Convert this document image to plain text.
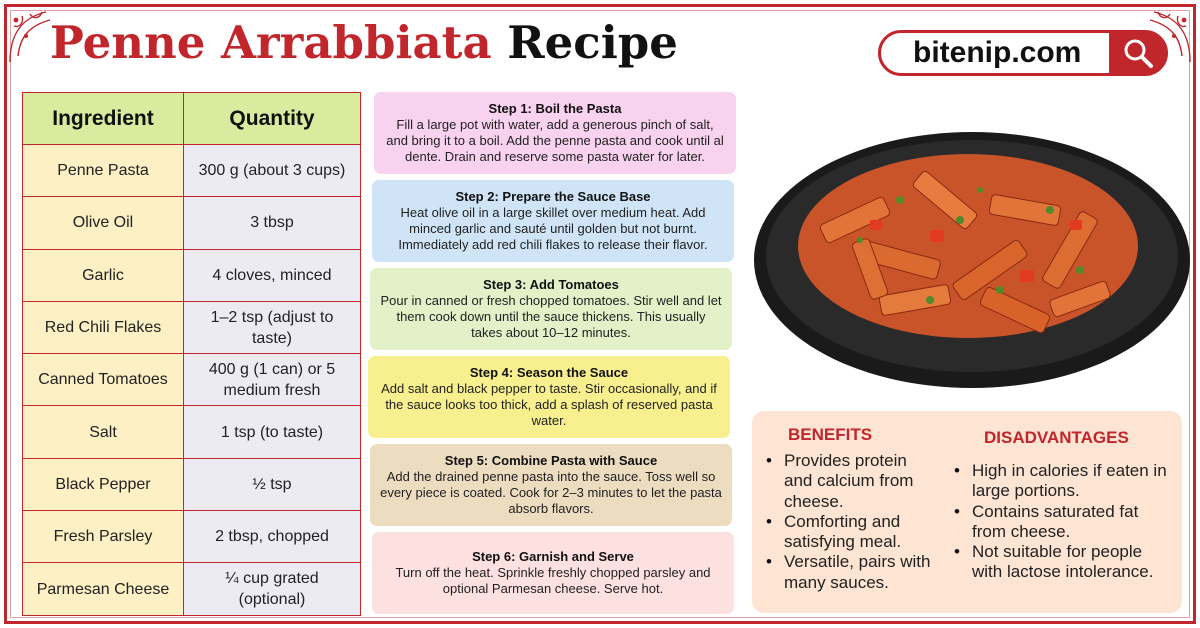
Penne Arrabbiata Recipe	bitenip.com
Ingredient	Quantity
Penne Pasta	300 g (about 3 cups)
Olive Oil	3 tbsp
Garlic	4 cloves, minced
Red Chili Flakes	1–2 tsp (adjust to taste)
Canned Tomatoes	400 g (1 can) or 5 medium fresh
Salt	1 tsp (to taste)
Black Pepper	½ tsp
Fresh Parsley	2 tbsp, chopped
Parmesan Cheese	¼ cup grated (optional)
Step 1: Boil the Pasta
Fill a large pot with water, add a generous pinch of salt, and bring it to a boil. Add the penne pasta and cook until al dente. Drain and reserve some pasta water for later.
Step 2: Prepare the Sauce Base
Heat olive oil in a large skillet over medium heat. Add minced garlic and sauté until golden but not burnt. Immediately add red chili flakes to release their flavor.
Step 3: Add Tomatoes
Pour in canned or fresh chopped tomatoes. Stir well and let them cook down until the sauce thickens. This usually takes about 10–12 minutes.
Step 4: Season the Sauce
Add salt and black pepper to taste. Stir occasionally, and if the sauce looks too thick, add a splash of reserved pasta water.
Step 5: Combine Pasta with Sauce
Add the drained penne pasta into the sauce. Toss well so every piece is coated. Cook for 2–3 minutes to let the pasta absorb flavors.
Step 6: Garnish and Serve
Turn off the heat. Sprinkle freshly chopped parsley and optional Parmesan cheese. Serve hot.
BENEFITS
• Provides protein and calcium from cheese.
• Comforting and satisfying meal.
• Versatile, pairs with many sauces.
DISADVANTAGES
• High in calories if eaten in large portions.
• Contains saturated fat from cheese.
• Not suitable for people with lactose intolerance.
